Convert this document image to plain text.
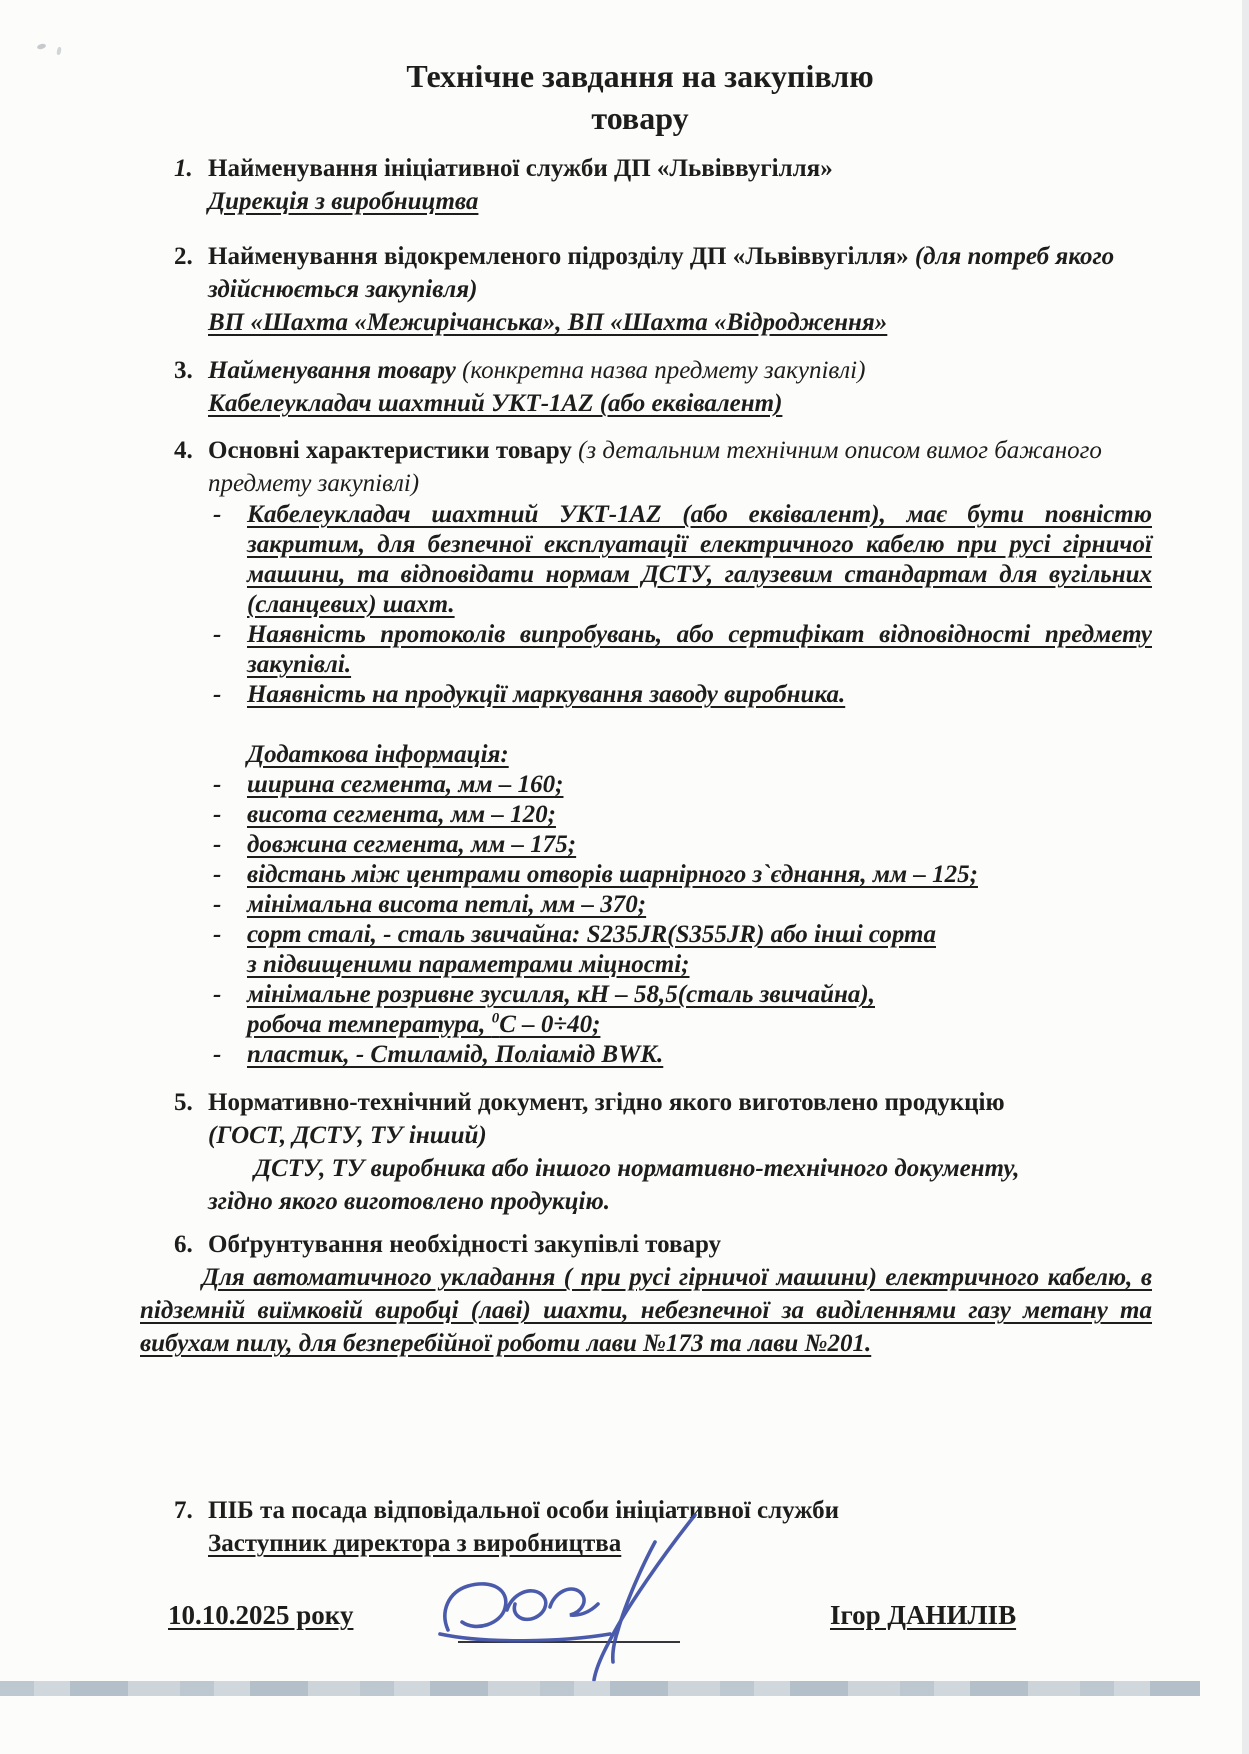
Технічне завдання на закупівлю
товару
1. Найменування ініціативної служби ДП «Львіввугілля»
Дирекція з виробництва
2. Найменування відокремленого підрозділу ДП «Львіввугілля» (для потреб якого здійснюється закупівля)
ВП «Шахта «Межирічанська», ВП «Шахта «Відродження»
3. Найменування товару (конкретна назва предмету закупівлі)
Кабелеукладач шахтний УКТ-1AZ (або еквівалент)
4. Основні характеристики товару (з детальним технічним описом вимог бажаного предмету закупівлі)
-	Кабелеукладач шахтний УКТ-1AZ (або еквівалент), має бути повністю закритим, для безпечної експлуатації електричного кабелю при русі гірничої машини, та відповідати нормам ДСТУ, галузевим стандартам для вугільних (сланцевих) шахт.
-	Наявність протоколів випробувань, або сертифікат відповідності предмету закупівлі.
-	Наявність на продукції маркування заводу виробника.
Додаткова інформація:
-	ширина сегмента, мм – 160;
-	висота сегмента, мм – 120;
-	довжина сегмента, мм – 175;
-	відстань між центрами отворів шарнірного з`єднання, мм – 125;
-	мінімальна висота петлі, мм – 370;
-	сорт сталі, - сталь звичайна: S235JR(S355JR) або інші сорта
з підвищеними параметрами міцності;
-	мінімальне розривне зусилля, кН – 58,5(сталь звичайна),
робоча температура, $^0$С – 0÷40;
-	пластик, - Стиламід, Поліамід BWK.
5. Нормативно-технічний документ, згідно якого виготовлено продукцію
(ГОСТ, ДСТУ, ТУ інший)
ДСТУ, ТУ виробника або іншого нормативно-технічного документу,
згідно якого виготовлено продукцію.
6. Обґрунтування необхідності закупівлі товару
Для автоматичного укладання ( при русі гірничої машини) електричного кабелю, в підземній виїмковій виробці (лаві) шахти, небезпечної за виділеннями газу метану та вибухам пилу, для безперебійної роботи лави №173 та лави №201.
7. ПІБ та посада відповідальної особи ініціативної служби
Заступник директора з виробництва
10.10.2025 року	Ігор ДАНИЛІВ
